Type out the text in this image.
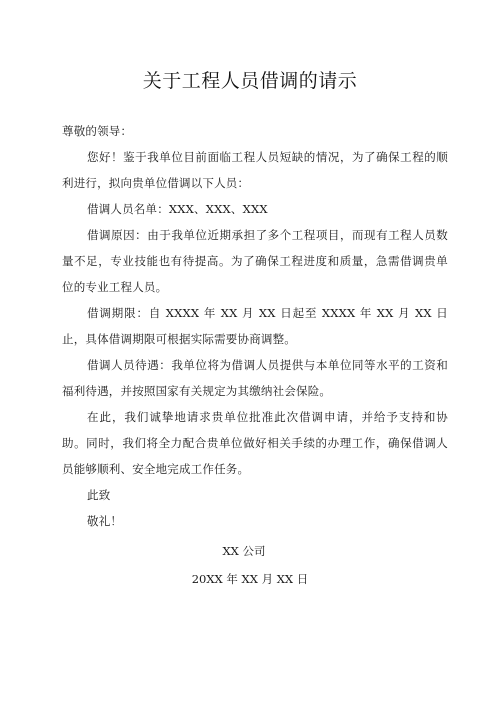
关于工程人员借调的请示
尊敬的领导：
您好！鉴于我单位目前面临工程人员短缺的情况，为了确保工程的顺利进行，拟向贵单位借调以下人员：
借调人员名单：XXX、XXX、XXX
借调原因：由于我单位近期承担了多个工程项目，而现有工程人员数量不足，专业技能也有待提高。为了确保工程进度和质量，急需借调贵单位的专业工程人员。
借调期限：自 XXXX 年 XX 月 XX 日起至 XXXX 年 XX 月 XX 日止，具体借调期限可根据实际需要协商调整。
借调人员待遇：我单位将为借调人员提供与本单位同等水平的工资和福利待遇，并按照国家有关规定为其缴纳社会保险。
在此，我们诚挚地请求贵单位批准此次借调申请，并给予支持和协助。同时，我们将全力配合贵单位做好相关手续的办理工作，确保借调人员能够顺利、安全地完成工作任务。
此致
敬礼！
XX 公司
20XX 年 XX 月 XX 日
